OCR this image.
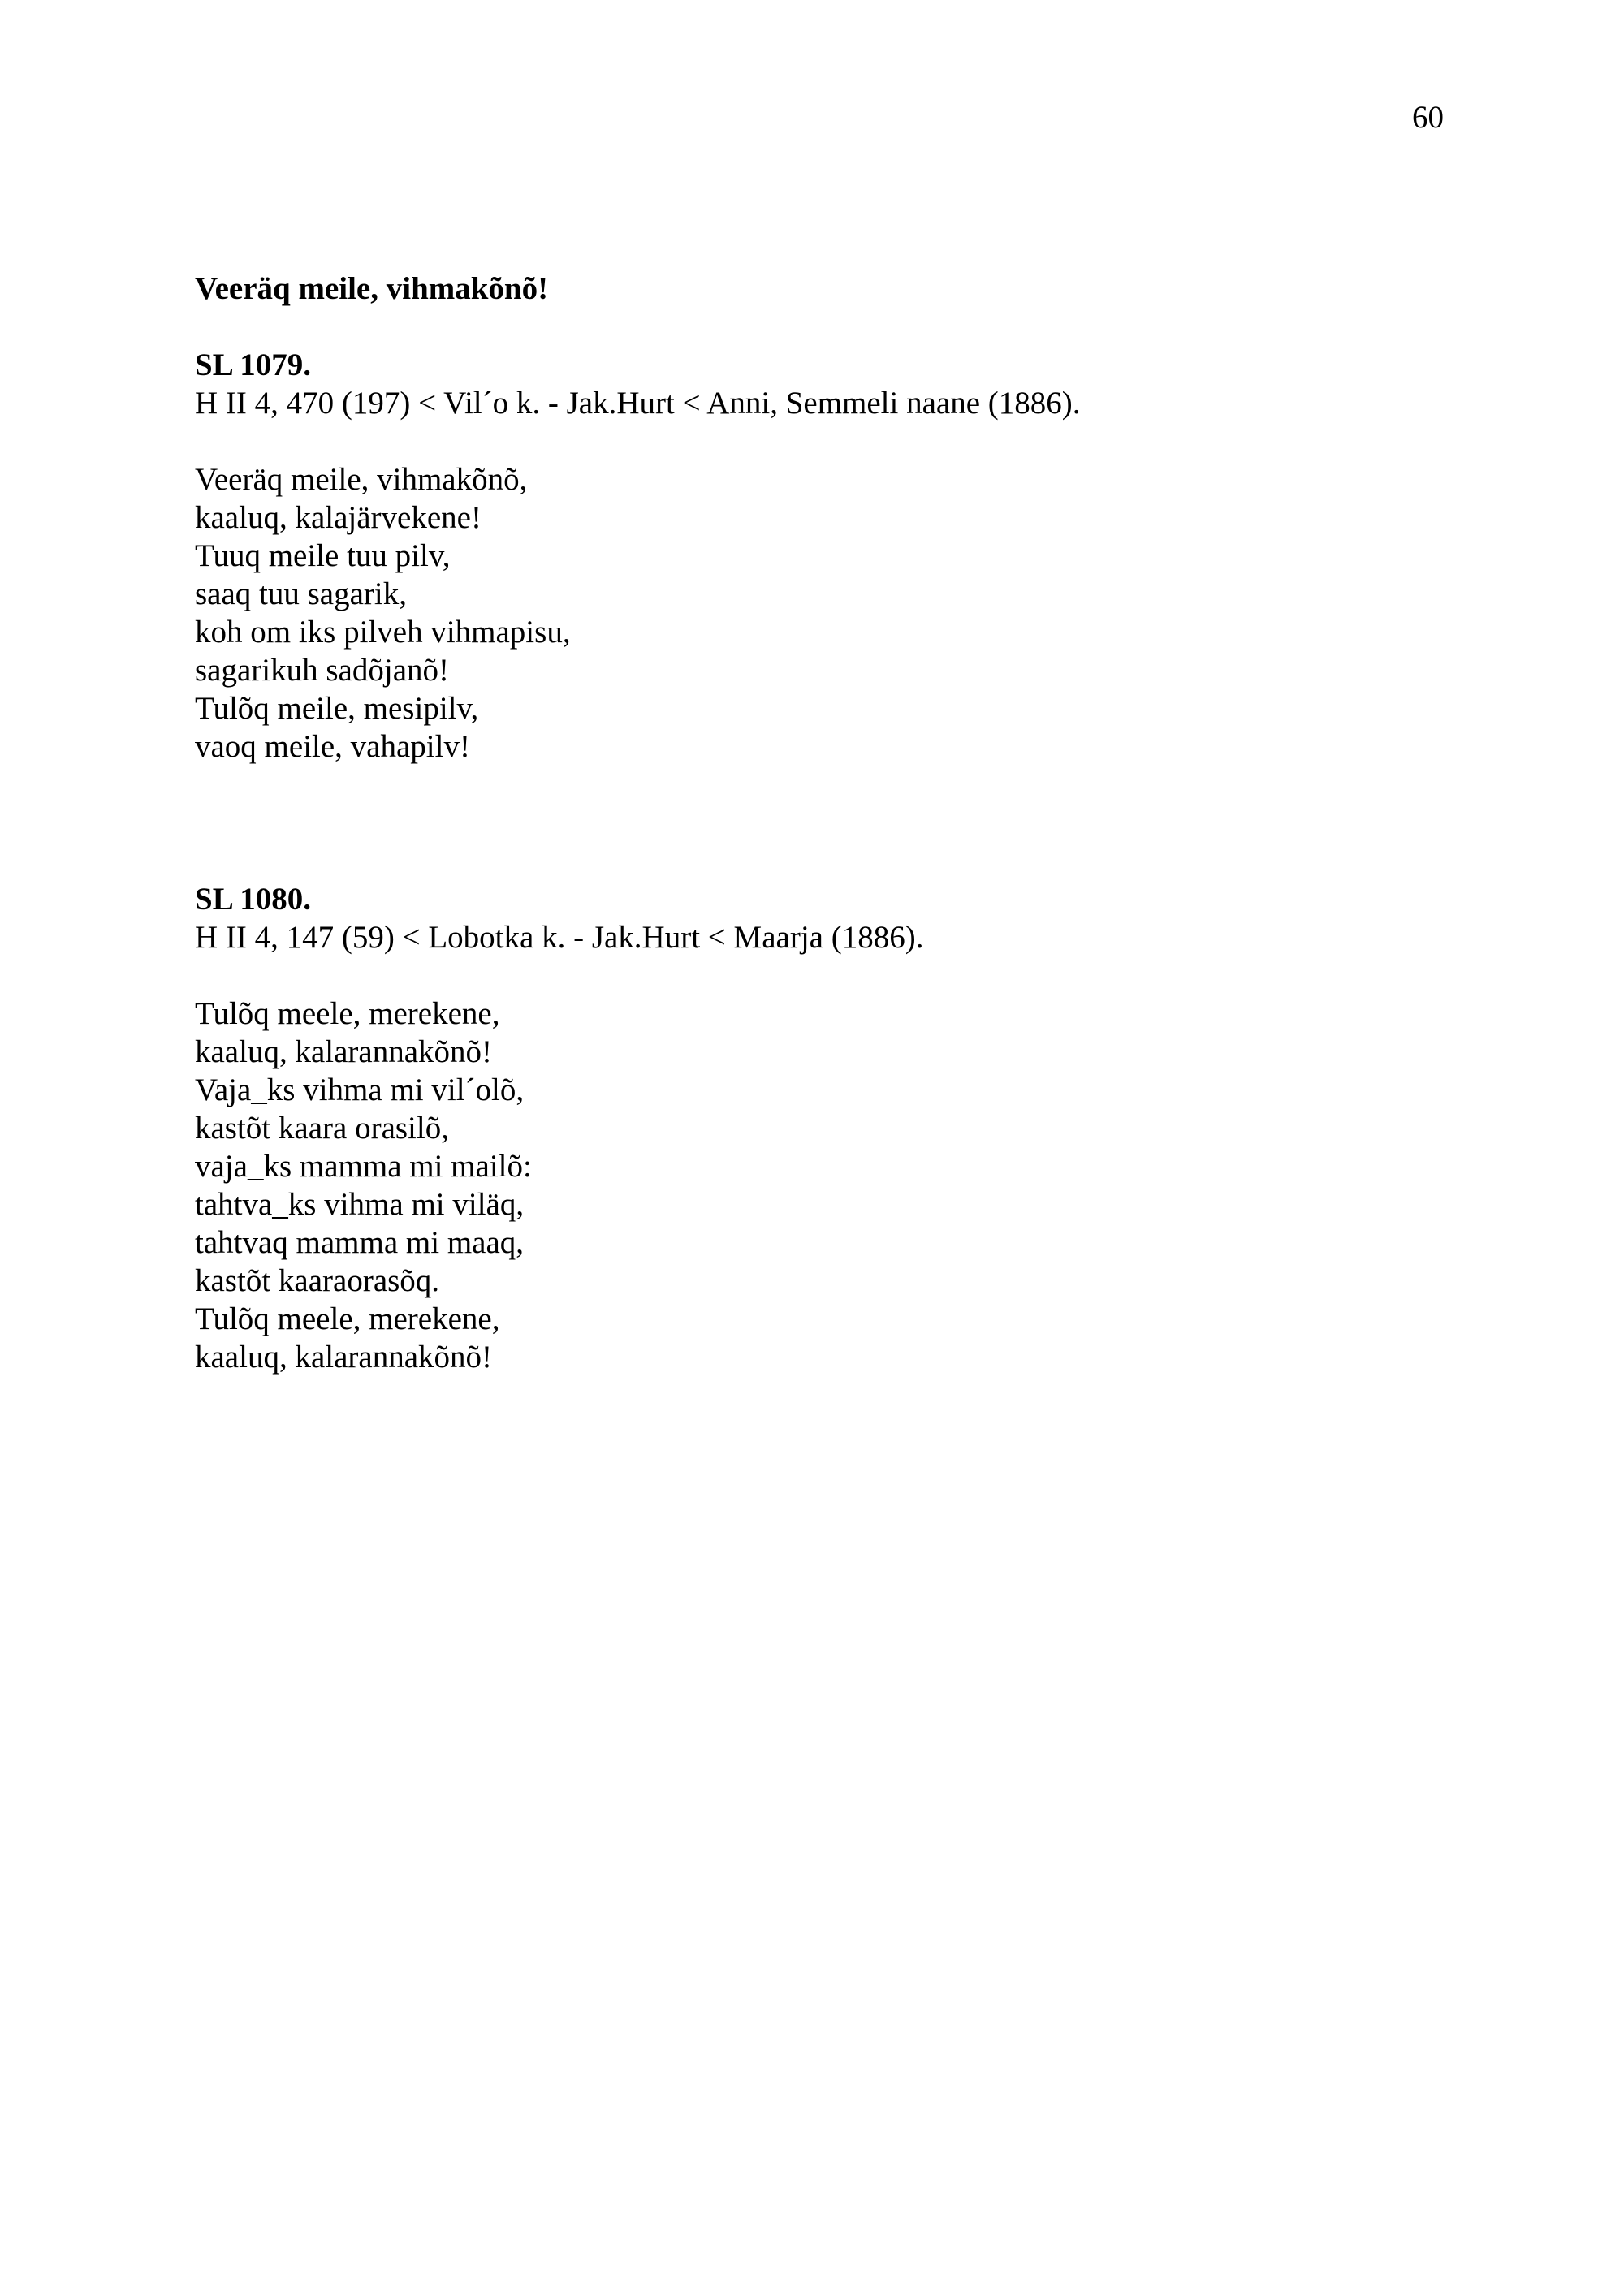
60
Veeräq meile, vihmakõnõ!
SL 1079.
H II 4, 470 (197) < Vil´o k. - Jak.Hurt < Anni, Semmeli naane (1886).
Veeräq meile, vihmakõnõ,
kaaluq, kalajärvekene!
Tuuq meile tuu pilv,
saaq tuu sagarik,
koh om iks pilveh vihmapisu,
sagarikuh sadõjanõ!
Tulõq meile, mesipilv,
vaoq meile, vahapilv!
SL 1080.
H II 4, 147 (59) < Lobotka k. - Jak.Hurt < Maarja (1886).
Tulõq meele, merekene,
kaaluq, kalarannakõnõ!
Vaja_ks vihma mi vil´olõ,
kastõt kaara orasilõ,
vaja_ks mamma mi mailõ:
tahtva_ks vihma mi viläq,
tahtvaq mamma mi maaq,
kastõt kaaraorasõq.
Tulõq meele, merekene,
kaaluq, kalarannakõnõ!
